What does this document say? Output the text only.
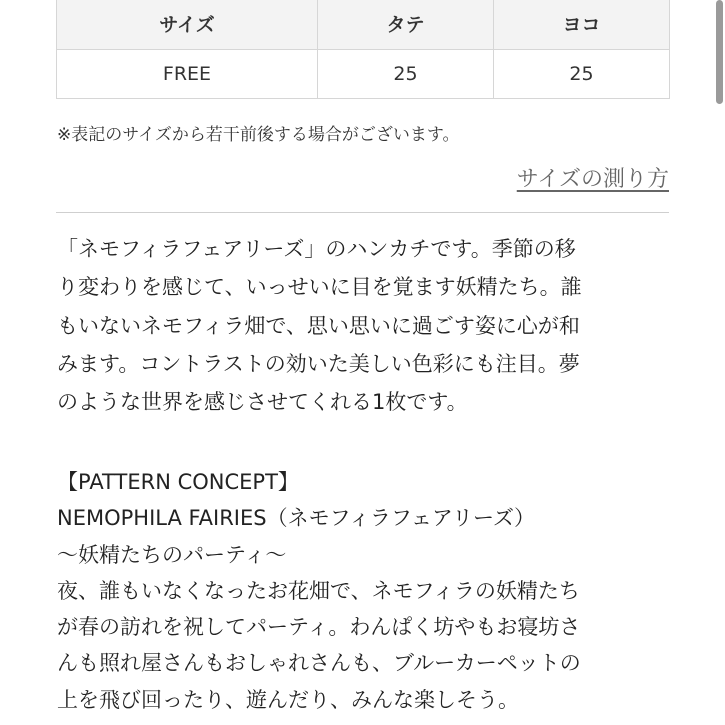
サイズ	タテ	ヨコ
FREE	25	25
※表記のサイズから若干前後する場合がございます。
サイズの測り方
「ネモフィラフェアリーズ」のハンカチです。季節の移
り変わりを感じて、いっせいに目を覚ます妖精たち。誰
もいないネモフィラ畑で、思い思いに過ごす姿に心が和
みます。コントラストの効いた美しい色彩にも注目。夢
のような世界を感じさせてくれる1枚です。
【PATTERN CONCEPT】
NEMOPHILA FAIRIES（ネモフィラフェアリーズ）
〜妖精たちのパーティ〜
夜、誰もいなくなったお花畑で、ネモフィラの妖精たち
が春の訪れを祝してパーティ。わんぱく坊やもお寝坊さ
んも照れ屋さんもおしゃれさんも、ブルーカーペットの
上を飛び回ったり、遊んだり、みんな楽しそう。
